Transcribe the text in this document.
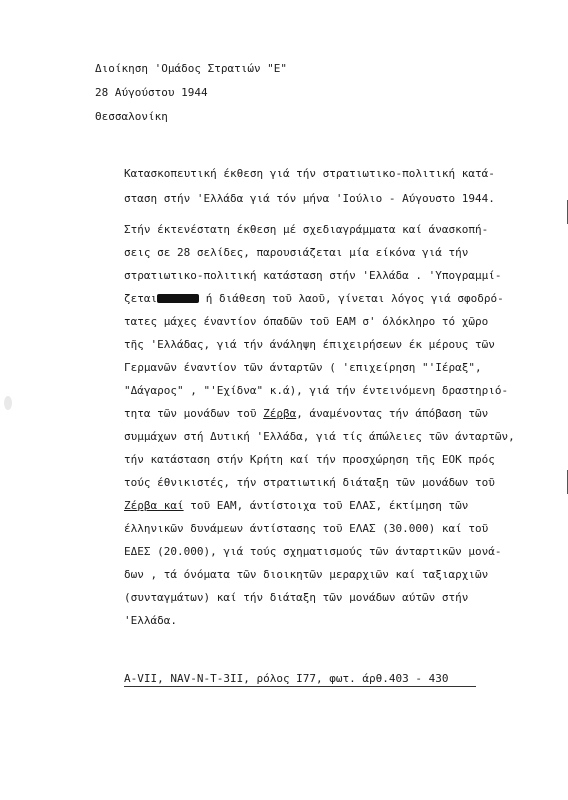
Διοίκηση 'Ομάδος Στρατιών "Ε"
28 Αύγούστου 1944
Θεσσαλονίκη
Κατασκοπευτική έκθεση γιά τήν στρατιωτικο-πολιτική κατά-
σταση στήν 'Ελλάδα γιά τόν μήνα 'Ιούλιο - Αύγουστο 1944.
Στήν έκτενέστατη έκθεση μέ σχεδιαγράμματα καί άνασκοπή-
σεις σε 28 σελίδες, παρουσιάζεται μία είκόνα γιά τήν
στρατιωτικο-πολιτική κατάσταση στήν 'Ελλάδα . 'Υπογραμμί-
ζεται	ή διάθεση τοῦ λαοῦ, γίνεται λόγος γιά σφοδρό-
τατες μάχες έναντίον όπαδῶν τοῦ ΕΑΜ σ' όλόκληρο τό χῶρο
τῆς 'Ελλάδας, γιά τήν άνάληψη έπιχειρήσεων έκ μέρους τῶν
Γερμανῶν έναντίον τῶν άνταρτῶν ( 'επιχείρηση "'Ιέραξ",
"Δάγαρος" , "'Εχίδνα" κ.ά), γιά τήν έντεινόμενη δραστηριό-
τητα τῶν μονάδων τοῦ Ζέρβα, άναμένοντας τήν άπόβαση τῶν
συμμάχων στή Δυτική 'Ελλάδα, γιά τίς άπώλειες τῶν άνταρτῶν,
τήν κατάσταση στήν Κρήτη καί τήν προσχώρηση τῆς ΕΟΚ πρός
τούς έθνικιστές, τήν στρατιωτική διάταξη τῶν μονάδων τοῦ
Ζέρβα καί τοῦ ΕΑΜ, άντίστοιχα τοῦ ΕΛΑΣ, έκτίμηση τῶν
έλληνικῶν δυνάμεων άντίστασης τοῦ ΕΛΑΣ (30.000) καί τοῦ
ΕΔΕΣ (20.000), γιά τούς σχηματισμούς τῶν άνταρτικῶν μονά-
δων , τά όνόματα τῶν διοικητῶν μεραρχιῶν καί ταξιαρχιῶν
(συνταγμάτων) καί τήν διάταξη τῶν μονάδων αύτῶν στήν
'Ελλάδα.
A-VII, NAV-N-T-3II, ρόλος I77, φωτ. άρθ.403 - 430
